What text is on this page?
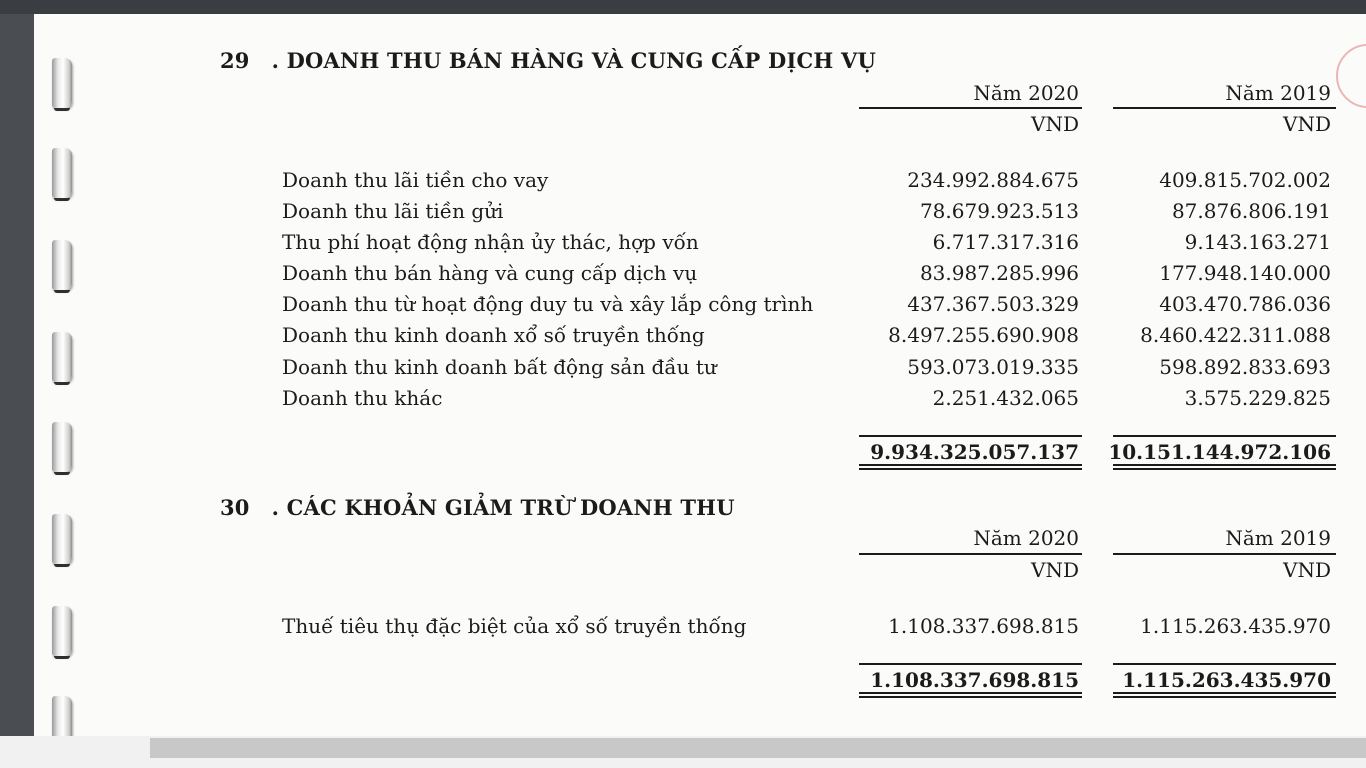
29 . DOANH THU BÁN HÀNG VÀ CUNG CẤP DỊCH VỤ
Năm 2020	Năm 2019
VND	VND
Doanh thu lãi tiền cho vay	234.992.884.675	409.815.702.002
Doanh thu lãi tiền gửi	78.679.923.513	87.876.806.191
Thu phí hoạt động nhận ủy thác, hợp vốn	6.717.317.316	9.143.163.271
Doanh thu bán hàng và cung cấp dịch vụ	83.987.285.996	177.948.140.000
Doanh thu từ hoạt động duy tu và xây lắp công trình	437.367.503.329	403.470.786.036
Doanh thu kinh doanh xổ số truyền thống	8.497.255.690.908	8.460.422.311.088
Doanh thu kinh doanh bất động sản đầu tư	593.073.019.335	598.892.833.693
Doanh thu khác	2.251.432.065	3.575.229.825
9.934.325.057.137	10.151.144.972.106
30 . CÁC KHOẢN GIẢM TRỪ DOANH THU
Năm 2020	Năm 2019
VND	VND
Thuế tiêu thụ đặc biệt của xổ số truyền thống	1.108.337.698.815	1.115.263.435.970
1.108.337.698.815	1.115.263.435.970
